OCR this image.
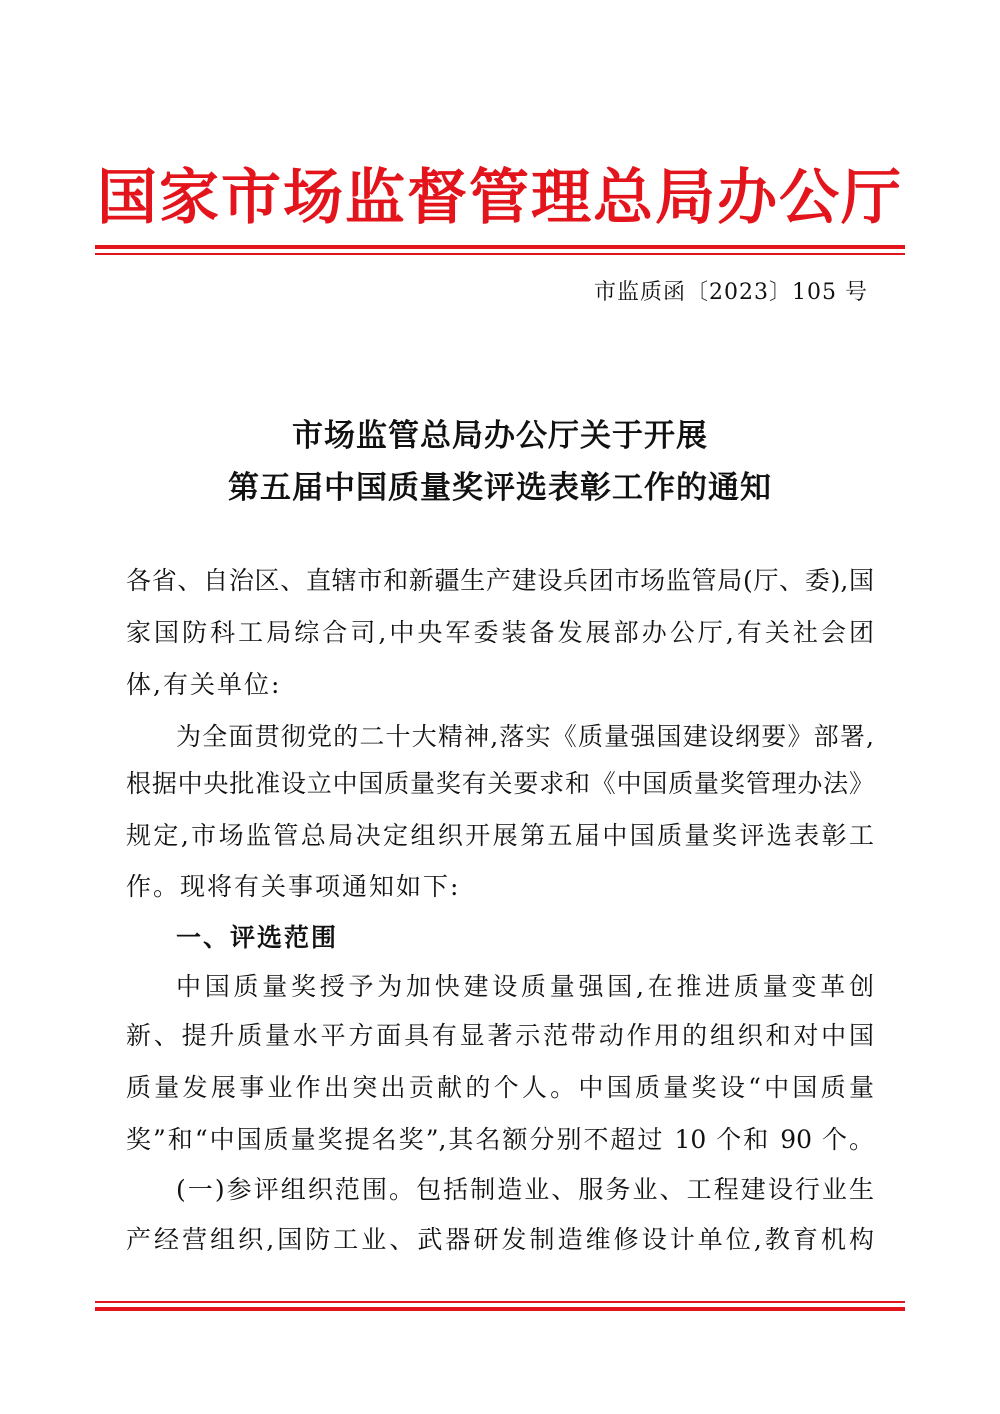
国家市场监督管理总局办公厅
市监质函〔2023〕105 号
市场监管总局办公厅关于开展
第五届中国质量奖评选表彰工作的通知
各省、自治区、直辖市和新疆生产建设兵团市场监管局(厅、委),国
家国防科工局综合司,中央军委装备发展部办公厅,有关社会团
体,有关单位:
为全面贯彻党的二十大精神,落实《质量强国建设纲要》部署,
根据中央批准设立中国质量奖有关要求和《中国质量奖管理办法》
规定,市场监管总局决定组织开展第五届中国质量奖评选表彰工
作。现将有关事项通知如下:
一、评选范围
中国质量奖授予为加快建设质量强国,在推进质量变革创
新、提升质量水平方面具有显著示范带动作用的组织和对中国
质量发展事业作出突出贡献的个人。中国质量奖设“中国质量
奖”和“中国质量奖提名奖”,其名额分别不超过 10 个和 90 个。
(一)参评组织范围。包括制造业、服务业、工程建设行业生
产经营组织,国防工业、武器研发制造维修设计单位,教育机构
